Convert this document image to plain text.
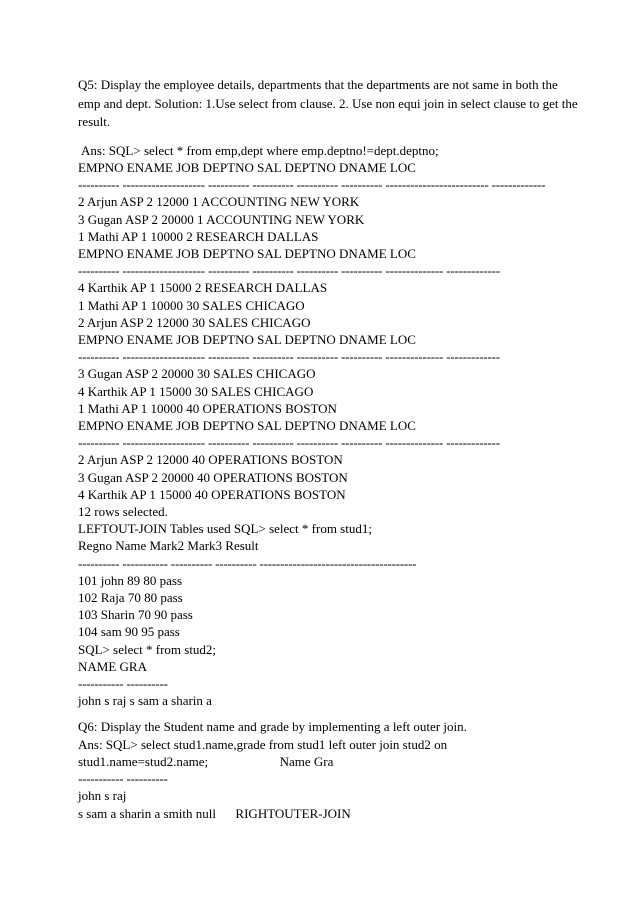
Q5: Display the employee details, departments that the departments are not same in both the emp and dept. Solution: 1.Use select from clause. 2. Use non equi join in select clause to get the result.

Ans: SQL> select * from emp,dept where emp.deptno!=dept.deptno;
EMPNO ENAME JOB DEPTNO SAL DEPTNO DNAME LOC
---------- -------------------- ---------- ---------- ---------- ---------- ------------------------- -------------
2 Arjun ASP 2 12000 1 ACCOUNTING NEW YORK
3 Gugan ASP 2 20000 1 ACCOUNTING NEW YORK
1 Mathi AP 1 10000 2 RESEARCH DALLAS
EMPNO ENAME JOB DEPTNO SAL DEPTNO DNAME LOC
---------- -------------------- ---------- ---------- ---------- ---------- -------------- -------------
4 Karthik AP 1 15000 2 RESEARCH DALLAS
1 Mathi AP 1 10000 30 SALES CHICAGO
2 Arjun ASP 2 12000 30 SALES CHICAGO
EMPNO ENAME JOB DEPTNO SAL DEPTNO DNAME LOC
---------- -------------------- ---------- ---------- ---------- ---------- -------------- -------------
3 Gugan ASP 2 20000 30 SALES CHICAGO
4 Karthik AP 1 15000 30 SALES CHICAGO
1 Mathi AP 1 10000 40 OPERATIONS BOSTON
EMPNO ENAME JOB DEPTNO SAL DEPTNO DNAME LOC
---------- -------------------- ---------- ---------- ---------- ---------- -------------- -------------
2 Arjun ASP 2 12000 40 OPERATIONS BOSTON
3 Gugan ASP 2 20000 40 OPERATIONS BOSTON
4 Karthik AP 1 15000 40 OPERATIONS BOSTON
12 rows selected.
LEFTOUT-JOIN Tables used SQL> select * from stud1;
Regno Name Mark2 Mark3 Result
---------- ----------- ---------- ---------- --------------------------------------
101 john 89 80 pass
102 Raja 70 80 pass
103 Sharin 70 90 pass
104 sam 90 95 pass
SQL> select * from stud2;
NAME GRA
----------- ----------
john s raj s sam a sharin a
Q6: Display the Student name and grade by implementing a left outer join.
Ans: SQL> select stud1.name,grade from stud1 left outer join stud2 on
stud1.name=stud2.name;                      Name Gra
----------- ----------
john s raj
s sam a sharin a smith null      RIGHTOUTER-JOIN
